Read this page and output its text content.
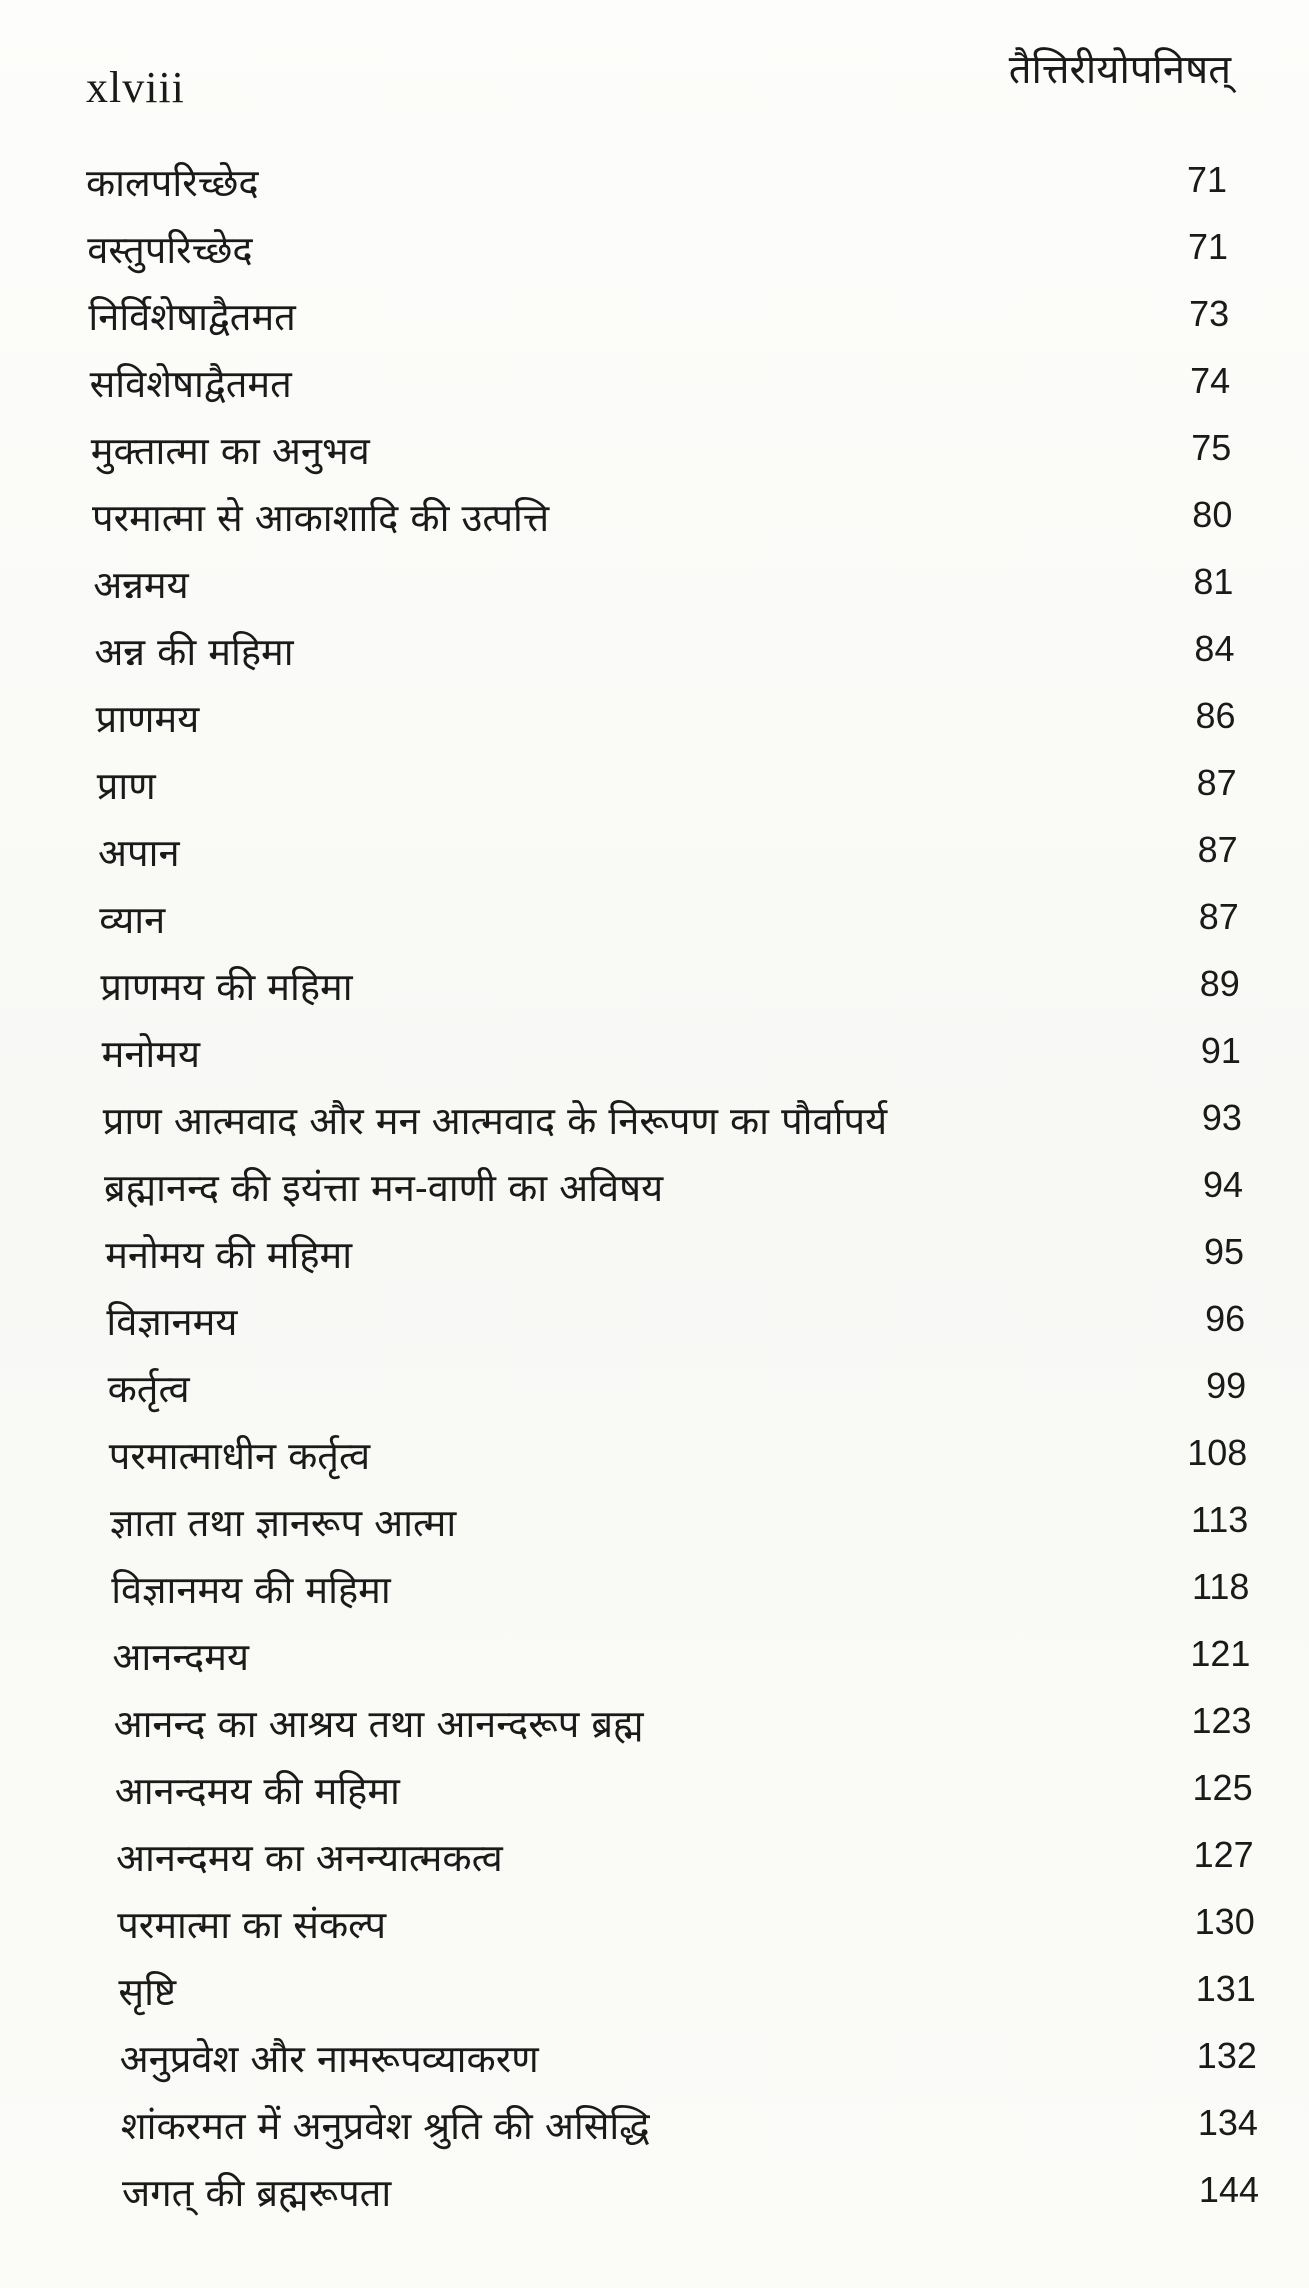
xlviii	तैत्तिरीयोपनिषत्
कालपरिच्छेद	71
वस्तुपरिच्छेद	71
निर्विशेषाद्वैतमत	73
सविशेषाद्वैतमत	74
मुक्तात्मा का अनुभव	75
परमात्मा से आकाशादि की उत्पत्ति	80
अन्नमय	81
अन्न की महिमा	84
प्राणमय	86
प्राण	87
अपान	87
व्यान	87
प्राणमय की महिमा	89
मनोमय	91
प्राण आत्मवाद और मन आत्मवाद के निरूपण का पौर्वापर्य	93
ब्रह्मानन्द की इयंत्ता मन-वाणी का अविषय	94
मनोमय की महिमा	95
विज्ञानमय	96
कर्तृत्व	99
परमात्माधीन कर्तृत्व	108
ज्ञाता तथा ज्ञानरूप आत्मा	113
विज्ञानमय की महिमा	118
आनन्दमय	121
आनन्द का आश्रय तथा आनन्दरूप ब्रह्म	123
आनन्दमय की महिमा	125
आनन्दमय का अनन्यात्मकत्व	127
परमात्मा का संकल्प	130
सृष्टि	131
अनुप्रवेश और नामरूपव्याकरण	132
शांकरमत में अनुप्रवेश श्रुति की असिद्धि	134
जगत् की ब्रह्मरूपता	144
